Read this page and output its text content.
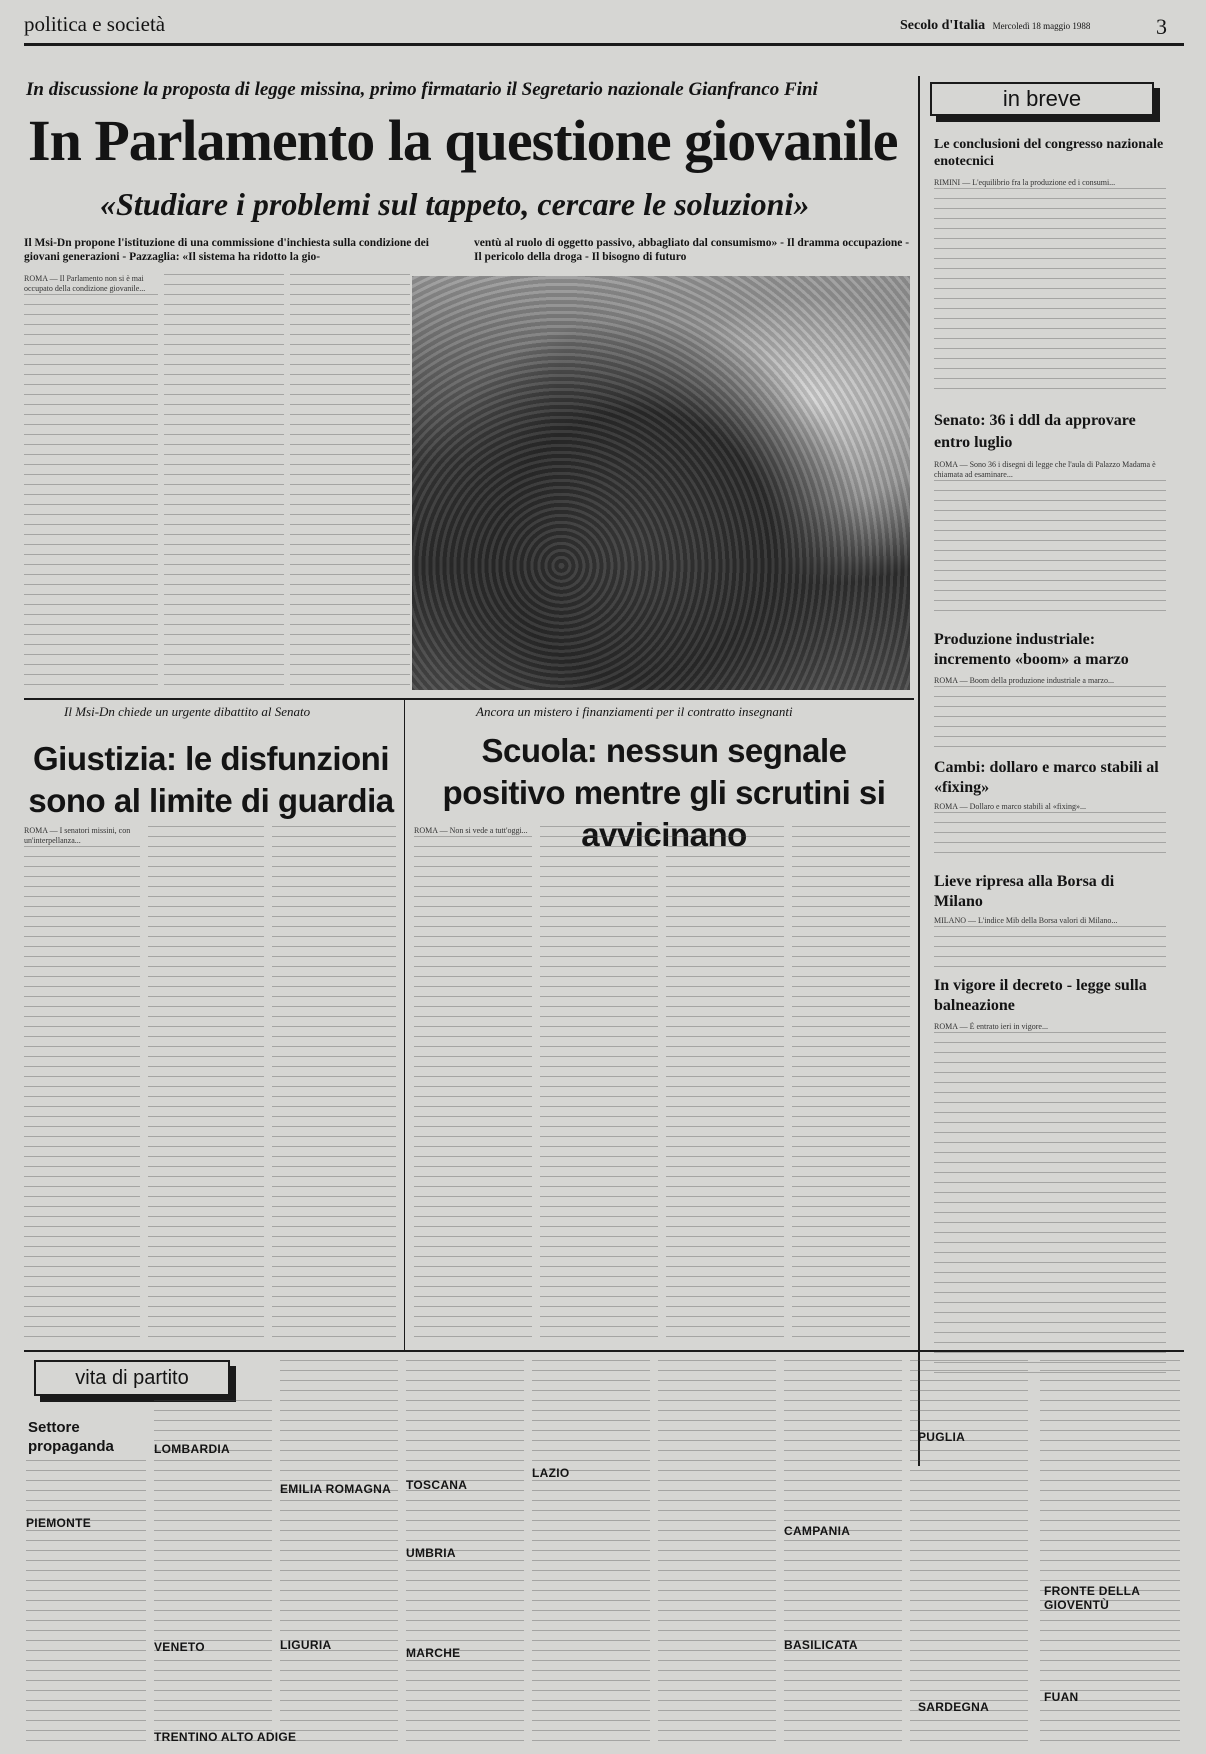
politica e società	Secolo d'Italia Mercoledì 18 maggio 1988	3
In discussione la proposta di legge missina, primo firmatario il Segretario nazionale Gianfranco Fini
In Parlamento la questione giovanile
«Studiare i problemi sul tappeto, cercare le soluzioni»
Il Msi-Dn propone l'istituzione di una commissione d'inchiesta sulla condizione dei giovani generazioni - Pazzaglia: «Il sistema ha ridotto la gio-
ventù al ruolo di oggetto passivo, abbagliato dal consumismo» - Il dramma occupazione - Il pericolo della droga - Il bisogno di futuro
ROMA — Il Parlamento non si è mai occupato della condizione giovanile...
in breve
Le conclusioni del congresso nazionale enotecnici
RIMINI — L'equilibrio fra la produzione ed i consumi...
Senato: 36 i ddl da approvare entro luglio
ROMA — Sono 36 i disegni di legge che l'aula di Palazzo Madama è chiamata ad esaminare...
Produzione industriale: incremento «boom» a marzo
ROMA — Boom della produzione industriale a marzo...
Cambi: dollaro e marco stabili al «fixing»
ROMA — Dollaro e marco stabili al «fixing»...
Lieve ripresa alla Borsa di Milano
MILANO — L'indice Mib della Borsa valori di Milano...
In vigore il decreto - legge sulla balneazione
ROMA — È entrato ieri in vigore...
Il Msi-Dn chiede un urgente dibattito al Senato
Giustizia: le disfunzioni sono al limite di guardia
ROMA — I senatori missini, con un'interpellanza...
Ancora un mistero i finanziamenti per il contratto insegnanti
Scuola: nessun segnale positivo mentre gli scrutini si avvicinano
ROMA — Non si vede a tutt'oggi...
vita di partito
Settore propaganda
PIEMONTE
LOMBARDIA
VENETO
TRENTINO ALTO ADIGE
EMILIA ROMAGNA
LIGURIA
TOSCANA
UMBRIA
MARCHE
LAZIO
CAMPANIA
BASILICATA
PUGLIA
SARDEGNA
FRONTE DELLA GIOVENTÙ
FUAN
